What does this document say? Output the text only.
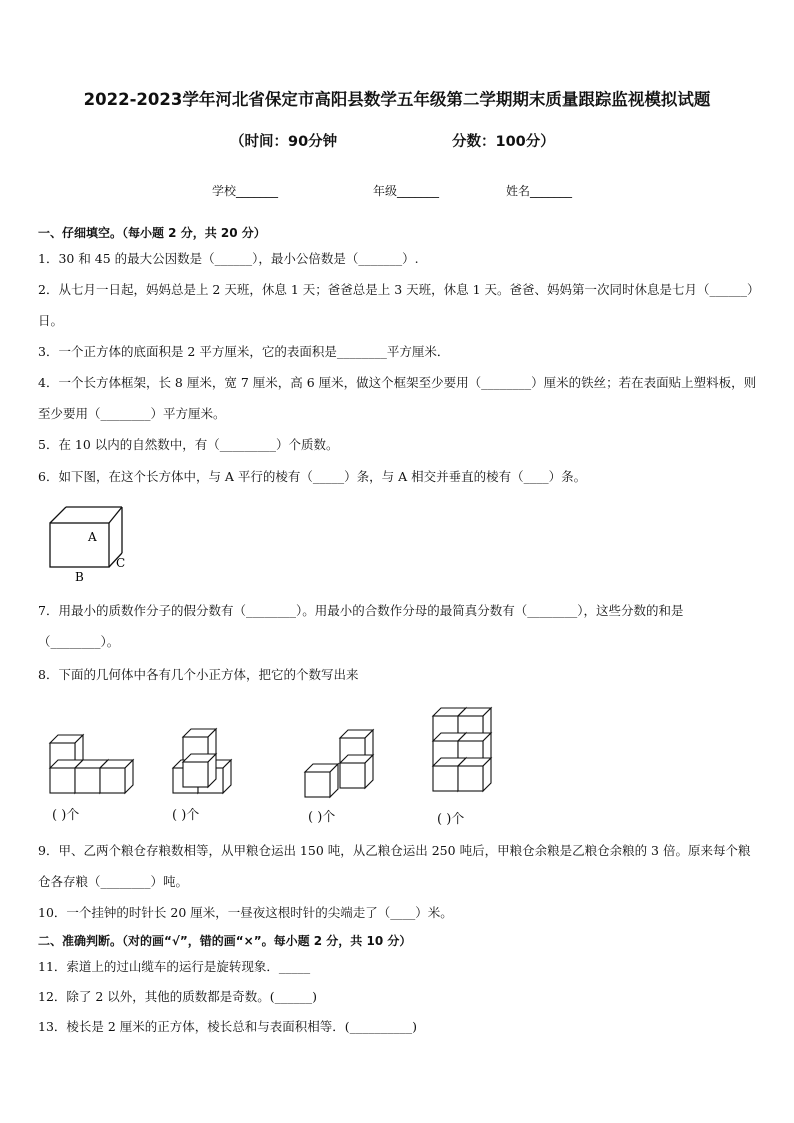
2022-2023学年河北省保定市高阳县数学五年级第二学期期末质量跟踪监视模拟试题
（时间：90分钟	分数：100分）
学校_______	年级_______	姓名_______
一、仔细填空。（每小题 2 分，共 20 分）
1．30 和 45 的最大公因数是（______），最小公倍数是（_______）.
2．从七月一日起，妈妈总是上 2 天班，休息 1 天；爸爸总是上 3 天班，休息 1 天。爸爸、妈妈第一次同时休息是七月（______）日。
3．一个正方体的底面积是 2 平方厘米，它的表面积是________平方厘米．
4．一个长方体框架，长 8 厘米，宽 7 厘米，高 6 厘米，做这个框架至少要用（________）厘米的铁丝；若在表面贴上塑料板，则至少要用（________）平方厘米。
5．在 10 以内的自然数中，有（_________）个质数。
6．如下图，在这个长方体中，与 A 平行的棱有（_____）条，与 A 相交并垂直的棱有（____）条。
A
B
C
7．用最小的质数作分子的假分数有（________）。用最小的合数作分母的最简真分数有（________），这些分数的和是（________）。
8．下面的几何体中各有几个小正方体，把它的个数写出来
( )个	( )个	( )个	( )个
9．甲、乙两个粮仓存粮数相等，从甲粮仓运出 150 吨，从乙粮仓运出 250 吨后，甲粮仓余粮是乙粮仓余粮的 3 倍。原来每个粮仓各存粮（________）吨。
10．一个挂钟的时针长 20 厘米，一昼夜这根时针的尖端走了（____）米。
二、准确判断。（对的画“√”，错的画“×”。每小题 2 分，共 10 分）
11．索道上的过山缆车的运行是旋转现象．_____
12．除了 2 以外，其他的质数都是奇数。(______)
13．棱长是 2 厘米的正方体，棱长总和与表面积相等．(__________)
